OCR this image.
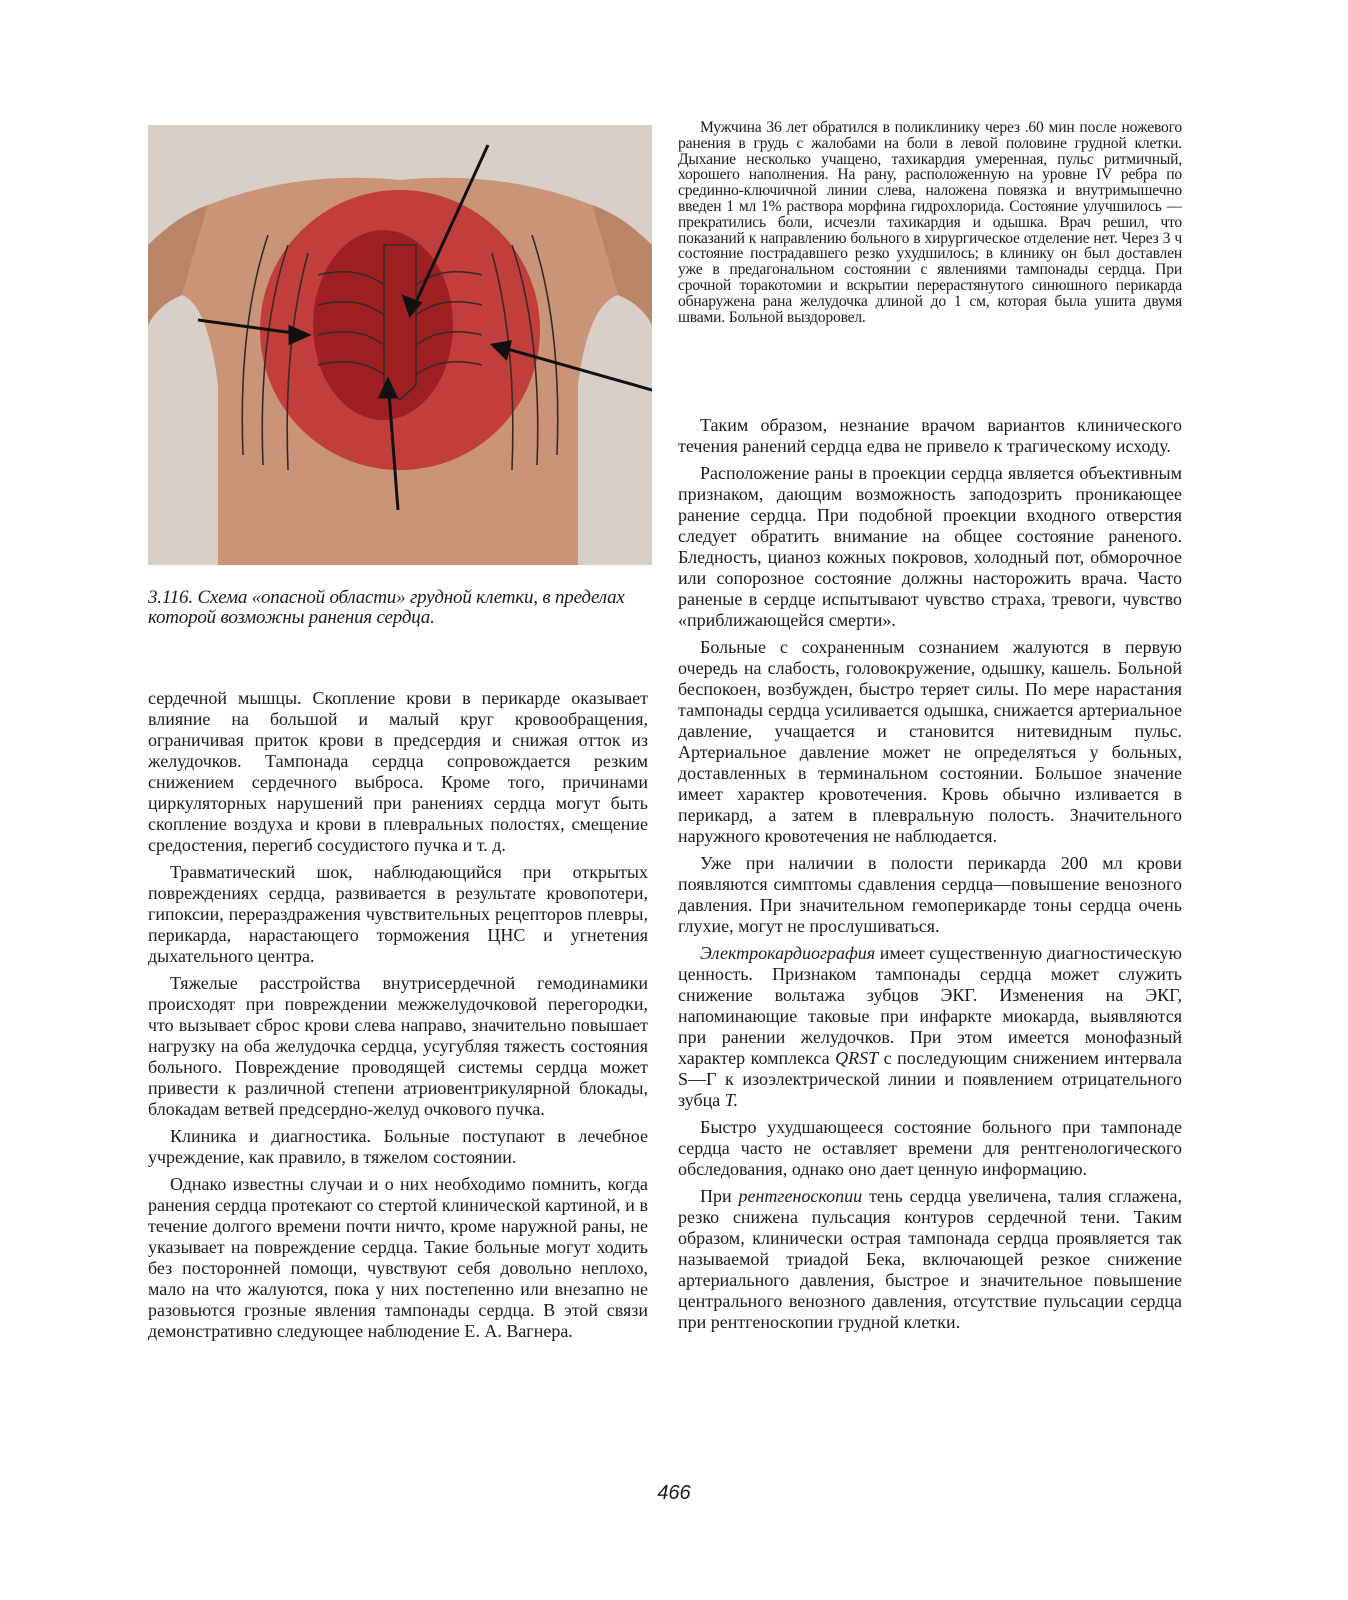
3.116. Схема «опасной области» грудной клетки, в пределах
которой возможны ранения сердца.

Мужчина 36 лет обратился в поликлинику через .60 мин после ножевого ранения в грудь с жалобами на боли в левой половине грудной клетки. Дыхание несколько учащено, тахикардия умеренная, пульс ритмичный, хорошего наполнения. На рану, расположенную на уровне IV ребра по срединно-ключичной линии слева, наложена повязка и внутримышечно введен 1 мл 1% раствора морфина гидрохлорида. Состояние улучшилось — прекратились боли, исчезли тахикардия и одышка. Врач решил, что показаний к направлению больного в хирургическое отделение нет. Через 3 ч состояние пострадавшего резко ухудшилось; в клинику он был доставлен уже в предагональном состоянии с явлениями тампонады сердца. При срочной торакотомии и вскрытии перерастянутого синюшного перикарда обнаружена рана желудочка длиной до 1 см, которая была ушита двумя швами. Больной выздоровел.

сердечной мышцы. Скопление крови в перикарде оказывает влияние на большой и малый круг кровообращения, ограничивая приток крови в предсердия и снижая отток из желудочков. Тампонада сердца сопровождается резким снижением сердечного выброса. Кроме того, причинами циркуляторных нарушений при ранениях сердца могут быть скопление воздуха и крови в плевральных полостях, смещение средостения, перегиб сосудистого пучка и т. д.

Травматический шок, наблюдающийся при открытых повреждениях сердца, развивается в результате кровопотери, гипоксии, перераздражения чувствительных рецепторов плевры, перикарда, нарастающего торможения ЦНС и угнетения дыхательного центра.

Тяжелые расстройства внутрисердечной гемодинамики происходят при повреждении межжелудочковой перегородки, что вызывает сброс крови слева направо, значительно повышает нагрузку на оба желудочка сердца, усугубляя тяжесть состояния больного. Повреждение проводящей системы сердца может привести к различной степени атриовентрикулярной блокады, блокадам ветвей предсердно-желуд очкового пучка.

Клиника и диагностика. Больные поступают в лечебное учреждение, как правило, в тяжелом состоянии.

Однако известны случаи и о них необходимо помнить, когда ранения сердца протекают со стертой клинической картиной, и в течение долгого времени почти ничто, кроме наружной раны, не указывает на повреждение сердца. Такие больные могут ходить без посторонней помощи, чувствуют себя довольно неплохо, мало на что жалуются, пока у них постепенно или внезапно не разовьются грозные явления тампонады сердца. В этой связи демонстративно следующее наблюдение Е. А. Вагнера.

Таким образом, незнание врачом вариантов клинического течения ранений сердца едва не привело к трагическому исходу.

Расположение раны в проекции сердца является объективным признаком, дающим возможность заподозрить проникающее ранение сердца. При подобной проекции входного отверстия следует обратить внимание на общее состояние раненого. Бледность, цианоз кожных покровов, холодный пот, обморочное или сопорозное состояние должны насторожить врача. Часто раненые в сердце испытывают чувство страха, тревоги, чувство «приближающейся смерти».

Больные с сохраненным сознанием жалуются в первую очередь на слабость, головокружение, одышку, кашель. Больной беспокоен, возбужден, быстро теряет силы. По мере нарастания тампонады сердца усиливается одышка, снижается артериальное давление, учащается и становится нитевидным пульс. Артериальное давление может не определяться у больных, доставленных в терминальном состоянии. Большое значение имеет характер кровотечения. Кровь обычно изливается в перикард, а затем в плевральную полость. Значительного наружного кровотечения не наблюдается.

Уже при наличии в полости перикарда 200 мл крови появляются симптомы сдавления сердца—повышение венозного давления. При значительном гемоперикарде тоны сердца очень глухие, могут не прослушиваться.

Электрокардиография имеет существенную диагностическую ценность. Признаком тампонады сердца может служить снижение вольтажа зубцов ЭКГ. Изменения на ЭКГ, напоминающие таковые при инфаркте миокарда, выявляются при ранении желудочков. При этом имеется монофазный характер комплекса QRST с последующим снижением интервала S—Г к изоэлектрической линии и появлением отрицательного зубца Т.

Быстро ухудшающееся состояние больного при тампонаде сердца часто не оставляет времени для рентгенологического обследования, однако оно дает ценную информацию.

При рентгеноскопии тень сердца увеличена, талия сглажена, резко снижена пульсация контуров сердечной тени. Таким образом, клинически острая тампонада сердца проявляется так называемой триадой Бека, включающей резкое снижение артериального давления, быстрое и значительное повышение центрального венозного давления, отсутствие пульсации сердца при рентгеноскопии грудной клетки.

466
